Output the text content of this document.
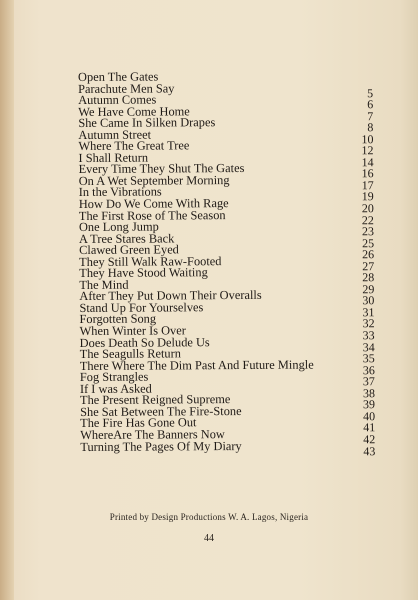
Open The Gates
Parachute Men Say	5
Autumn Comes	6
We Have Come Home	7
She Came In Silken Drapes	8
Autumn Street	10
Where The Great Tree	12
I Shall Return	14
Every Time They Shut The Gates	16
On A Wet September Morning	17
In the Vibrations	19
How Do We Come With Rage	20
The First Rose of The Season	22
One Long Jump	23
A Tree Stares Back	25
Clawed Green Eyed	26
They Still Walk Raw-Footed	27
They Have Stood Waiting	28
The Mind	29
After They Put Down Their Overalls	30
Stand Up For Yourselves	31
Forgotten Song	32
When Winter Is Over	33
Does Death So Delude Us	34
The Seagulls Return	35
There Where The Dim Past And Future Mingle	36
Fog Strangles	37
If I was Asked	38
The Present Reigned Supreme	39
She Sat Between The Fire-Stone	40
The Fire Has Gone Out	41
WhereAre The Banners Now	42
Turning The Pages Of My Diary	43
Printed by Design Productions W. A. Lagos, Nigeria
44
